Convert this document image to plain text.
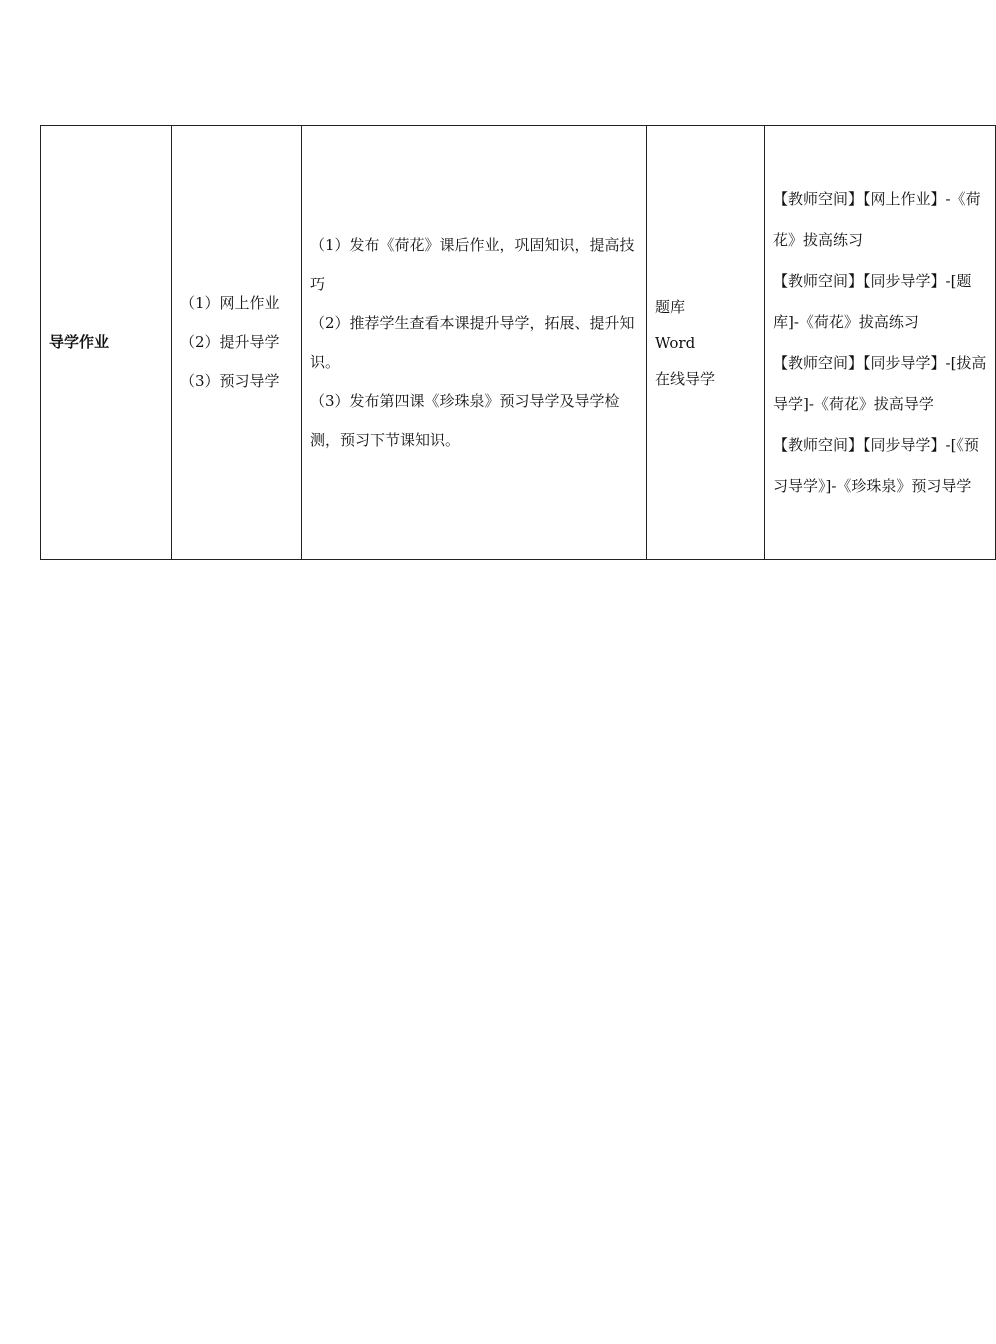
导学作业	
（1）网上作业
（2）提升导学
（3）预习导学

（1）发布《荷花》课后作业，巩固知识，提高技巧
（2）推荐学生查看本课提升导学，拓展、提升知识。
（3）发布第四课《珍珠泉》预习导学及导学检测，预习下节课知识。

题库
Word
在线导学

【教师空间】【网上作业】-《荷花》拔高练习
【教师空间】【同步导学】-[题库]-《荷花》拔高练习
【教师空间】【同步导学】-[拔高导学]-《荷花》拔高导学
【教师空间】【同步导学】-[《预习导学》]-《珍珠泉》预习导学
